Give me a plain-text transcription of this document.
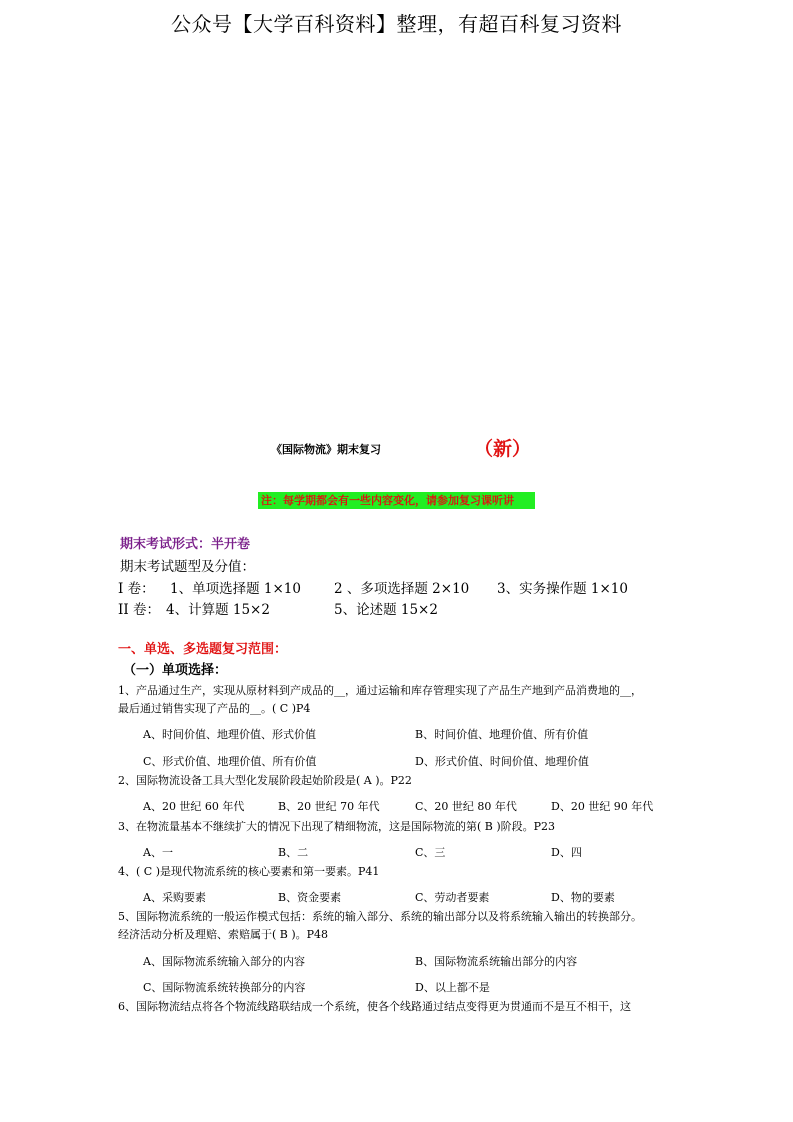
公众号【大学百科资料】整理，有超百科复习资料
《国际物流》期末复习	（新）
注：每学期都会有一些内容变化，请参加复习课听讲
期末考试形式：半开卷
期末考试题型及分值：
I 卷： 1、单项选择题 1×10 2 、多项选择题 2×10 3、实务操作题 1×10
II 卷： 4、计算题 15×2	5、论述题 15×2
一、单选、多选题复习范围：
（一）单项选择：
1、产品通过生产，实现从原材料到产成品的__，通过运输和库存管理实现了产品生产地到产品消费地的__，
最后通过销售实现了产品的__。( C )P4
A、时间价值、地理价值、形式价值	B、时间价值、地理价值、所有价值
C、形式价值、地理价值、所有价值	D、形式价值、时间价值、地理价值
2、国际物流设备工具大型化发展阶段起始阶段是( A )。P22
A、20 世纪 60 年代	B、20 世纪 70 年代	C、20 世纪 80 年代	D、20 世纪 90 年代
3、在物流量基本不继续扩大的情况下出现了精细物流，这是国际物流的第( B )阶段。P23
A、一	B、二	C、三	D、四
4、( C )是现代物流系统的核心要素和第一要素。P41
A、采购要素	B、资金要素	C、劳动者要素	D、物的要素
5、国际物流系统的一般运作模式包括：系统的输入部分、系统的输出部分以及将系统输入输出的转换部分。
经济活动分析及理赔、索赔属于( B )。P48
A、国际物流系统输入部分的内容	B、国际物流系统输出部分的内容
C、国际物流系统转换部分的内容	D、以上都不是
6、国际物流结点将各个物流线路联结成一个系统，使各个线路通过结点变得更为贯通而不是互不相干，这
